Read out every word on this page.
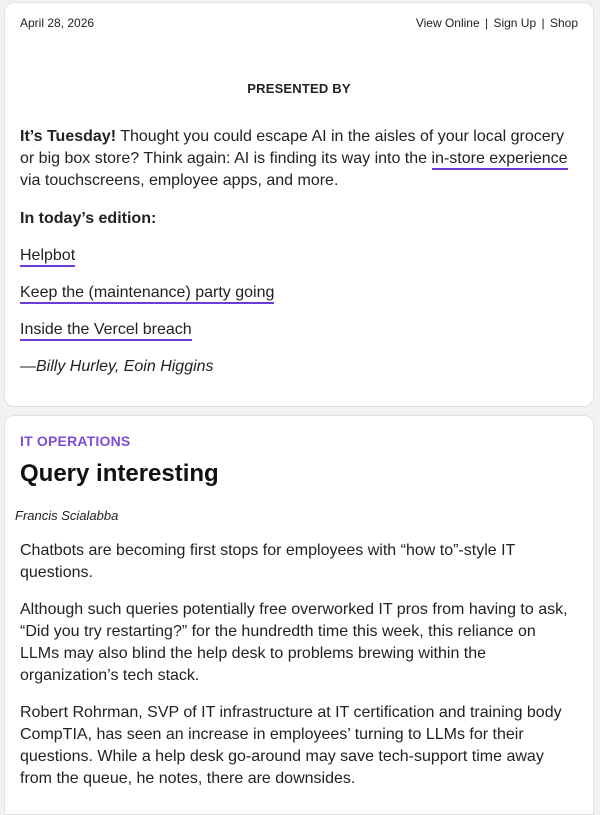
April 28, 2026	View Online | Sign Up | Shop
PRESENTED BY

It’s Tuesday! Thought you could escape AI in the aisles of your local grocery or big box store? Think again: AI is finding its way into the in-store experience via touchscreens, employee apps, and more.

In today’s edition:

Helpbot

Keep the (maintenance) party going

Inside the Vercel breach

—Billy Hurley, Eoin Higgins

IT OPERATIONS
Query interesting
Francis Scialabba

Chatbots are becoming first stops for employees with “how to”-style IT questions.

Although such queries potentially free overworked IT pros from having to ask, “Did you try restarting?” for the hundredth time this week, this reliance on LLMs may also blind the help desk to problems brewing within the organization’s tech stack.

Robert Rohrman, SVP of IT infrastructure at IT certification and training body CompTIA, has seen an increase in employees’ turning to LLMs for their questions. While a help desk go-around may save tech-support time away from the queue, he notes, there are downsides.
